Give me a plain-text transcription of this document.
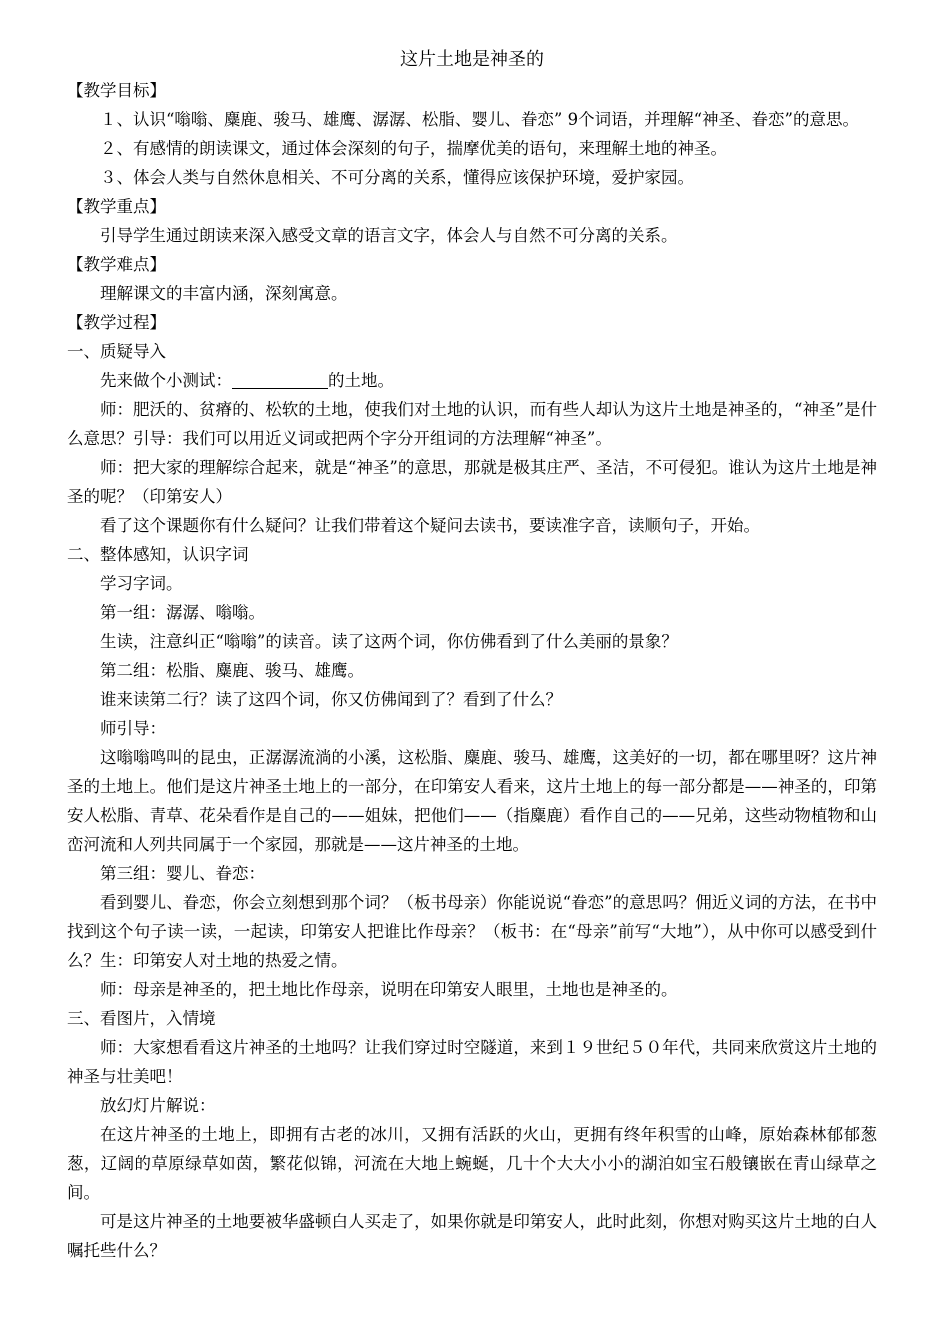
这片土地是神圣的

【教学目标】

１、认识“嗡嗡、麋鹿、骏马、雄鹰、潺潺、松脂、婴儿、眷恋” 9个词语，并理解“神圣、眷恋”的意思。

２、有感情的朗读课文，通过体会深刻的句子，揣摩优美的语句，来理解土地的神圣。

３、体会人类与自然休息相关、不可分离的关系，懂得应该保护环境，爱护家园。

【教学重点】

引导学生通过朗读来深入感受文章的语言文字，体会人与自然不可分离的关系。

【教学难点】

理解课文的丰富内涵，深刻寓意。

【教学过程】

一、质疑导入

先来做个小测试：	的土地。

师：肥沃的、贫瘠的、松软的土地，使我们对土地的认识，而有些人却认为这片土地是神圣的，“神圣”是什么意思？引导：我们可以用近义词或把两个字分开组词的方法理解“神圣”。

师：把大家的理解综合起来，就是“神圣”的意思，那就是极其庄严、圣洁，不可侵犯。谁认为这片土地是神圣的呢？（印第安人）

看了这个课题你有什么疑问？让我们带着这个疑问去读书，要读准字音，读顺句子，开始。

二、整体感知，认识字词

学习字词。

第一组：潺潺、嗡嗡。

生读，注意纠正“嗡嗡”的读音。读了这两个词，你仿佛看到了什么美丽的景象？

第二组：松脂、麋鹿、骏马、雄鹰。

谁来读第二行？读了这四个词，你又仿佛闻到了？看到了什么？

师引导：

这嗡嗡鸣叫的昆虫，正潺潺流淌的小溪，这松脂、麋鹿、骏马、雄鹰，这美好的一切，都在哪里呀？这片神圣的土地上。他们是这片神圣土地上的一部分，在印第安人看来，这片土地上的每一部分都是——神圣的，印第安人松脂、青草、花朵看作是自己的——姐妹，把他们——（指麋鹿）看作自己的——兄弟，这些动物植物和山峦河流和人列共同属于一个家园，那就是——这片神圣的土地。

第三组：婴儿、眷恋：

看到婴儿、眷恋，你会立刻想到那个词？（板书母亲）你能说说“眷恋”的意思吗？佣近义词的方法，在书中找到这个句子读一读，一起读，印第安人把谁比作母亲？（板书：在“母亲”前写“大地”），从中你可以感受到什么？生：印第安人对土地的热爱之情。

师：母亲是神圣的，把土地比作母亲，说明在印第安人眼里，土地也是神圣的。

三、看图片，入情境

师：大家想看看这片神圣的土地吗？让我们穿过时空隧道，来到１９世纪５０年代，共同来欣赏这片土地的神圣与壮美吧！

放幻灯片解说：

在这片神圣的土地上，即拥有古老的冰川，又拥有活跃的火山，更拥有终年积雪的山峰，原始森林郁郁葱葱，辽阔的草原绿草如茵，繁花似锦，河流在大地上蜿蜒，几十个大大小小的湖泊如宝石般镶嵌在青山绿草之间。

可是这片神圣的土地要被华盛顿白人买走了，如果你就是印第安人，此时此刻，你想对购买这片土地的白人嘱托些什么？
